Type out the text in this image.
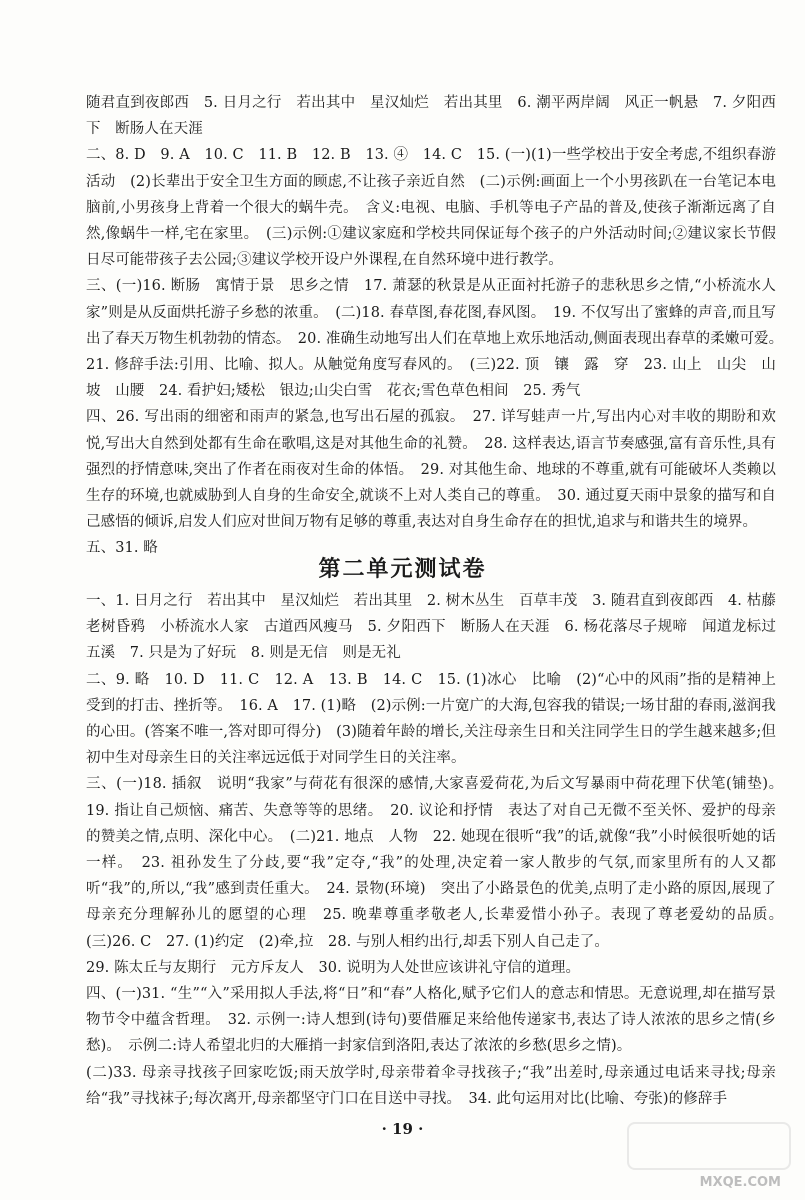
随君直到夜郎西　5. 日月之行　若出其中　星汉灿烂　若出其里　6. 潮平两岸阔　风正一帆悬　7. 夕阳西下　断肠人在天涯

二、8. D　9. A　10. C　11. B　12. B　13. ④　14. C　15. (一)(1)一些学校出于安全考虑,不组织春游活动　(2)长辈出于安全卫生方面的顾虑,不让孩子亲近自然　(二)示例:画面上一个小男孩趴在一台笔记本电脑前,小男孩身上背着一个很大的蜗牛壳。　含义:电视、电脑、手机等电子产品的普及,使孩子渐渐远离了自然,像蜗牛一样,宅在家里。　(三)示例:①建议家庭和学校共同保证每个孩子的户外活动时间;②建议家长节假日尽可能带孩子去公园;③建议学校开设户外课程,在自然环境中进行教学。

三、(一)16. 断肠　寓情于景　思乡之情　17. 萧瑟的秋景是从正面衬托游子的悲秋思乡之情,“小桥流水人家”则是从反面烘托游子乡愁的浓重。　(二)18. 春草图,春花图,春风图。　19. 不仅写出了蜜蜂的声音,而且写出了春天万物生机勃勃的情态。　20. 准确生动地写出人们在草地上欢乐地活动,侧面表现出春草的柔嫩可爱。　21. 修辞手法:引用、比喻、拟人。从触觉角度写春风的。　(三)22. 顶　镶　露　穿　23. 山上　山尖　山坡　山腰　24. 看护妇;矮松　银边;山尖白雪　花衣;雪色草色相间　25. 秀气

四、26. 写出雨的细密和雨声的紧急,也写出石屋的孤寂。　27. 详写蛙声一片,写出内心对丰收的期盼和欢悦,写出大自然到处都有生命在歌唱,这是对其他生命的礼赞。　28. 这样表达,语言节奏感强,富有音乐性,具有强烈的抒情意味,突出了作者在雨夜对生命的体悟。　29. 对其他生命、地球的不尊重,就有可能破坏人类赖以生存的环境,也就威胁到人自身的生命安全,就谈不上对人类自己的尊重。　30. 通过夏天雨中景象的描写和自己感悟的倾诉,启发人们应对世间万物有足够的尊重,表达对自身生命存在的担忧,追求与和谐共生的境界。

五、31. 略

第二单元测试卷

一、1. 日月之行　若出其中　星汉灿烂　若出其里　2. 树木丛生　百草丰茂　3. 随君直到夜郎西　4. 枯藤老树昏鸦　小桥流水人家　古道西风瘦马　5. 夕阳西下　断肠人在天涯　6. 杨花落尽子规啼　闻道龙标过五溪　7. 只是为了好玩　8. 则是无信　则是无礼

二、9. 略　10. D　11. C　12. A　13. B　14. C　15. (1)冰心　比喻　(2)“心中的风雨”指的是精神上受到的打击、挫折等。　16. A　17. (1)略　(2)示例:一片宽广的大海,包容我的错误;一场甘甜的春雨,滋润我的心田。(答案不唯一,答对即可得分)　(3)随着年龄的增长,关注母亲生日和关注同学生日的学生越来越多;但初中生对母亲生日的关注率远远低于对同学生日的关注率。

三、(一)18. 插叙　说明“我家”与荷花有很深的感情,大家喜爱荷花,为后文写暴雨中荷花理下伏笔(铺垫)。　19. 指让自己烦恼、痛苦、失意等等的思绪。　20. 议论和抒情　表达了对自己无微不至关怀、爱护的母亲的赞美之情,点明、深化中心。　(二)21. 地点　人物　22. 她现在很听“我”的话,就像“我”小时候很听她的话一样。　23. 祖孙发生了分歧,要“我”定夺,“我”的处理,决定着一家人散步的气氛,而家里所有的人又都听“我”的,所以,“我”感到责任重大。　24. 景物(环境)　突出了小路景色的优美,点明了走小路的原因,展现了母亲充分理解孙儿的愿望的心理　25. 晚辈尊重孝敬老人,长辈爱惜小孙子。表现了尊老爱幼的品质。　(三)26. C　27. (1)约定　(2)牵,拉　28. 与别人相约出行,却丢下别人自己走了。

29. 陈太丘与友期行　元方斥友人　30. 说明为人处世应该讲礼守信的道理。

四、(一)31. “生”“入”采用拟人手法,将“日”和“春”人格化,赋予它们人的意志和情思。无意说理,却在描写景物节令中蕴含哲理。　32. 示例一:诗人想到(诗句)要借雁足来给他传递家书,表达了诗人浓浓的思乡之情(乡愁)。　示例二:诗人希望北归的大雁捎一封家信到洛阳,表达了浓浓的乡愁(思乡之情)。

(二)33. 母亲寻找孩子回家吃饭;雨天放学时,母亲带着伞寻找孩子;“我”出差时,母亲通过电话来寻找;母亲给“我”寻找袜子;每次离开,母亲都坚守门口在目送中寻找。　34. 此句运用对比(比喻、夸张)的修辞手

· 19 ·
MXQE.COM
